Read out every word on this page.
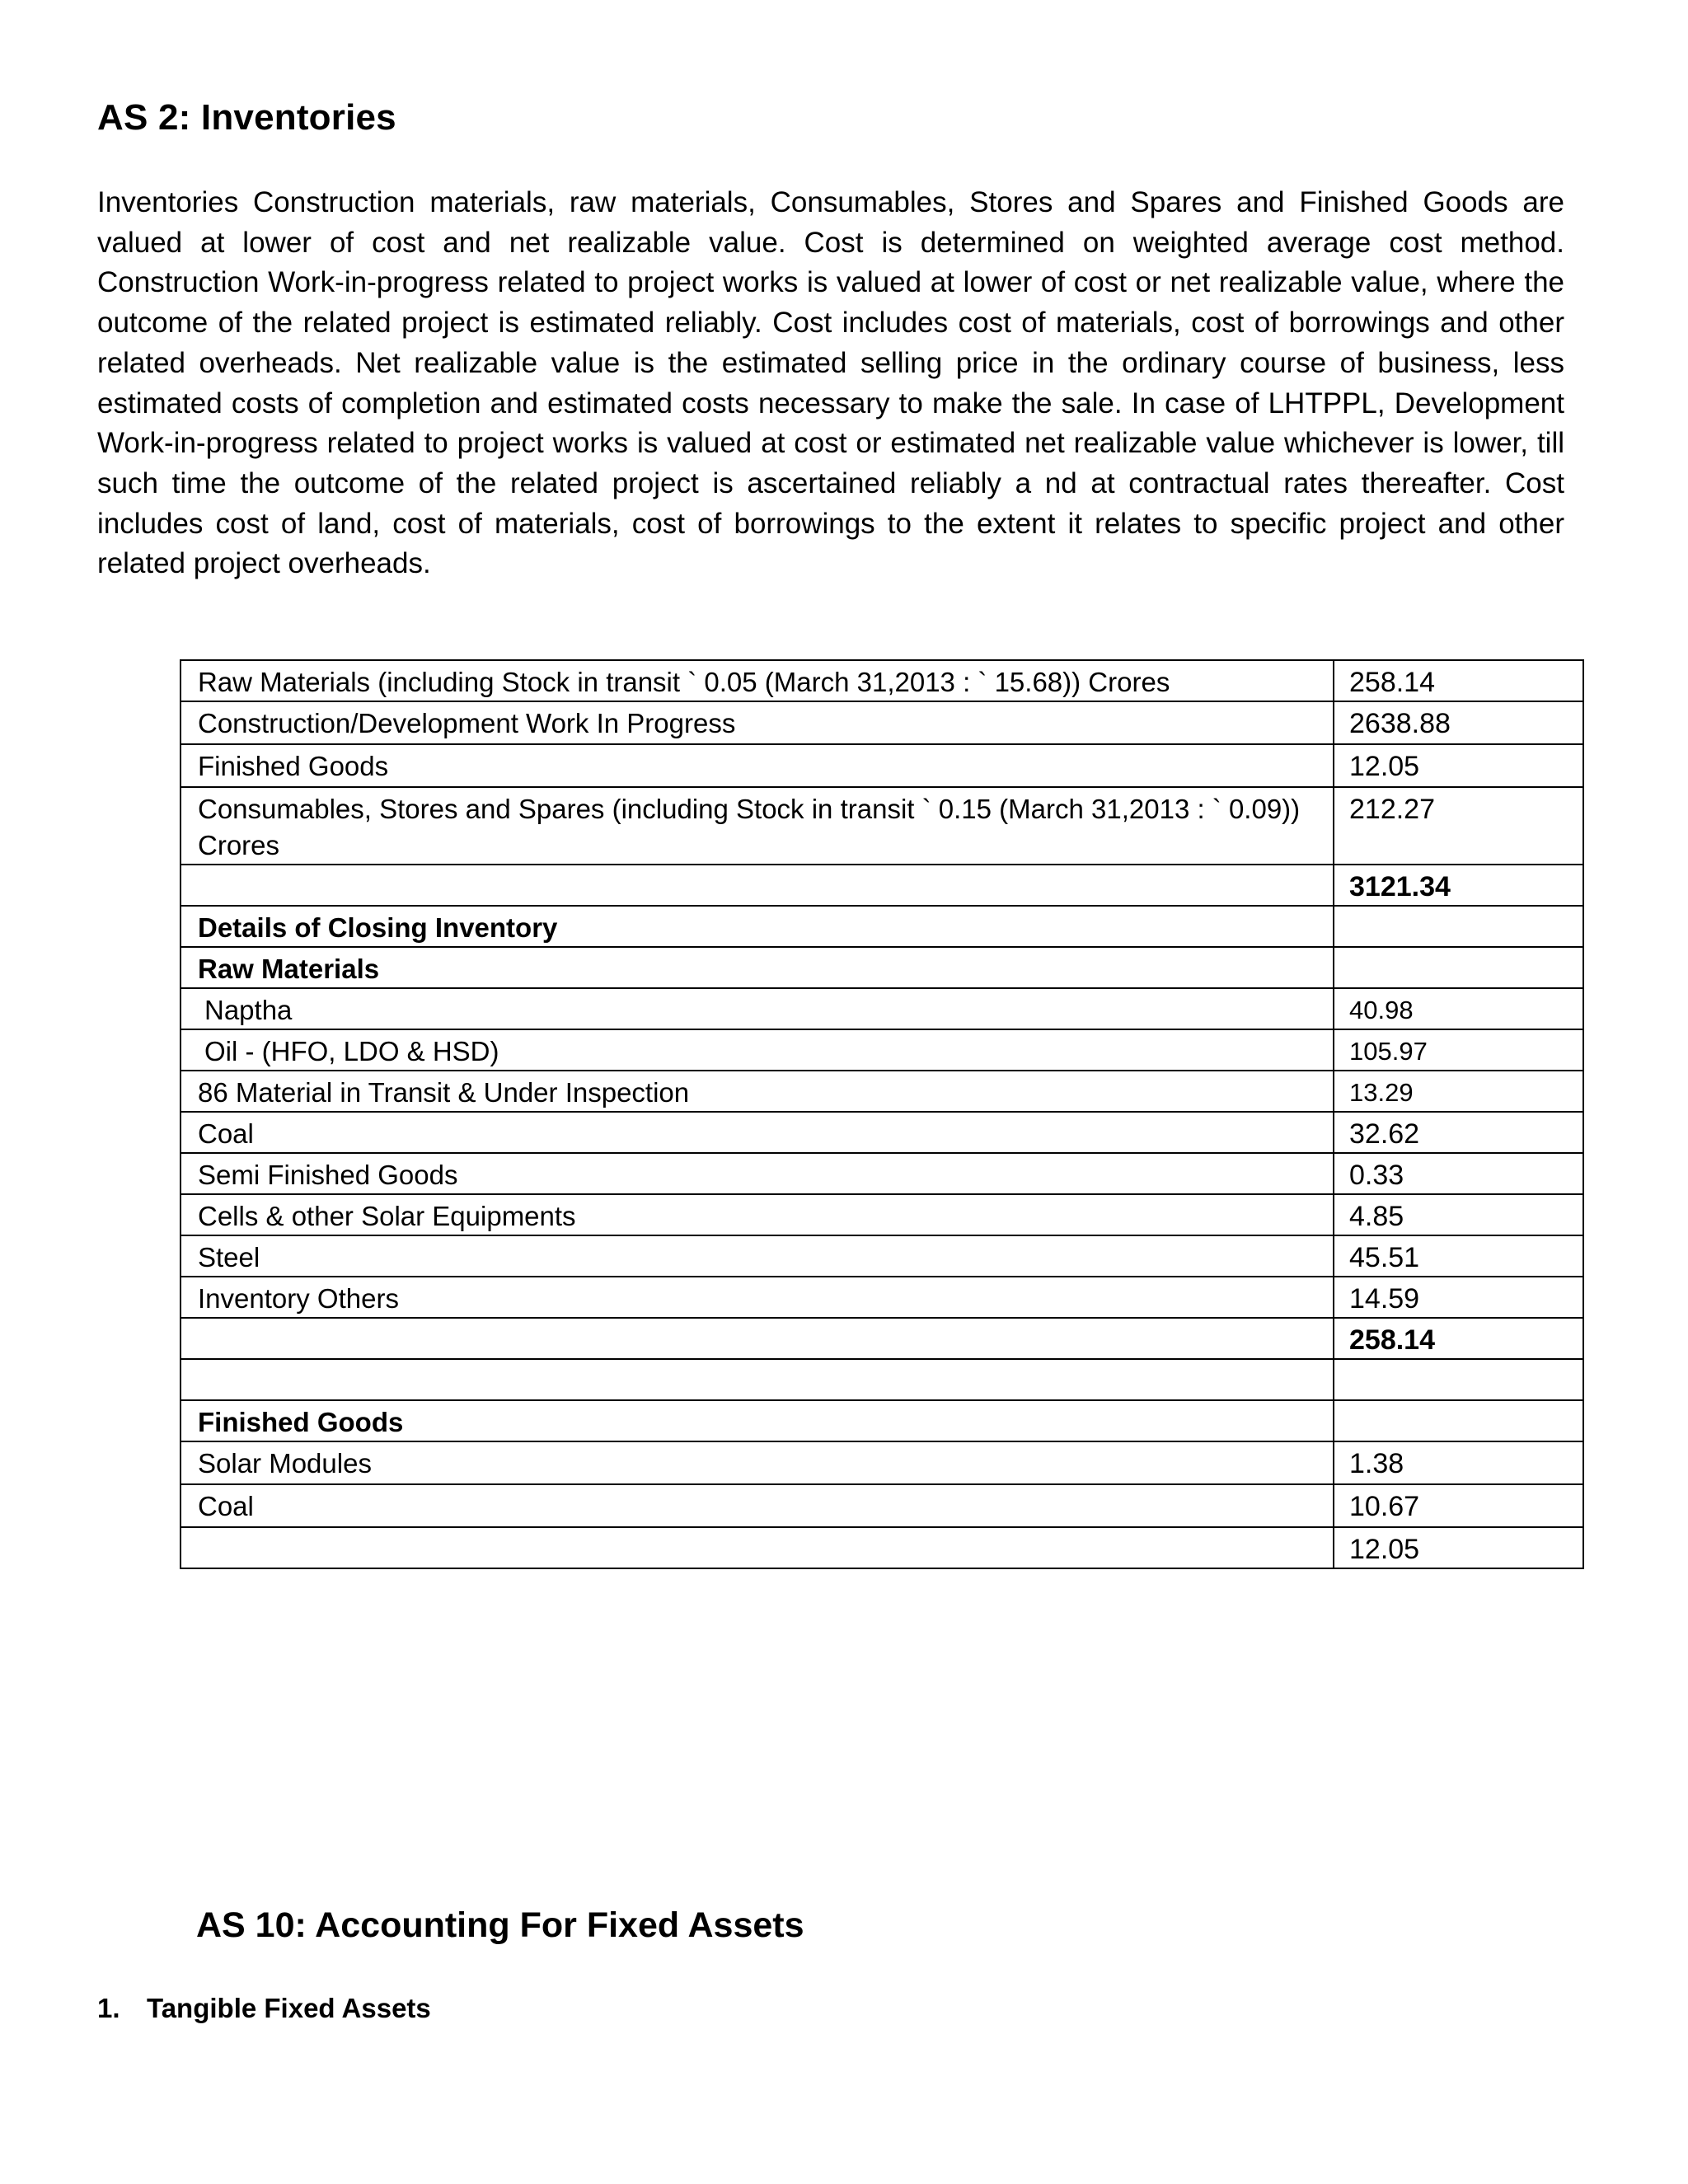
AS 2: Inventories

Inventories Construction materials, raw materials, Consumables, Stores and Spares and Finished Goods are valued at lower of cost and net realizable value. Cost is determined on weighted average cost method. Construction Work-in-progress related to project works is valued at lower of cost or net realizable value, where the outcome of the related project is estimated reliably. Cost includes cost of materials, cost of borrowings and other related overheads. Net realizable value is the estimated selling price in the ordinary course of business, less estimated costs of completion and estimated costs necessary to make the sale. In case of LHTPPL, Development Work-in-progress related to project works is valued at cost or estimated net realizable value whichever is lower, till such time the outcome of the related project is ascertained reliably a nd at contractual rates thereafter. Cost includes cost of land, cost of materials, cost of borrowings to the extent it relates to specific project and other related project overheads.

Raw Materials (including Stock in transit ` 0.05 (March 31,2013 : ` 15.68)) Crores	258.14
Construction/Development Work In Progress	2638.88
Finished Goods	12.05
Consumables, Stores and Spares (including Stock in transit ` 0.15 (March 31,2013 : ` 0.09)) Crores	212.27
	3121.34
Details of Closing Inventory	
Raw Materials	
Naptha	40.98
Oil - (HFO, LDO & HSD)	105.97
86 Material in Transit & Under Inspection	13.29
Coal	32.62
Semi Finished Goods	0.33
Cells & other Solar Equipments	4.85
Steel	45.51
Inventory Others	14.59
	258.14

Finished Goods	
Solar Modules	1.38
Coal	10.67
	12.05
AS 10: Accounting For Fixed Assets

1. Tangible Fixed Assets
